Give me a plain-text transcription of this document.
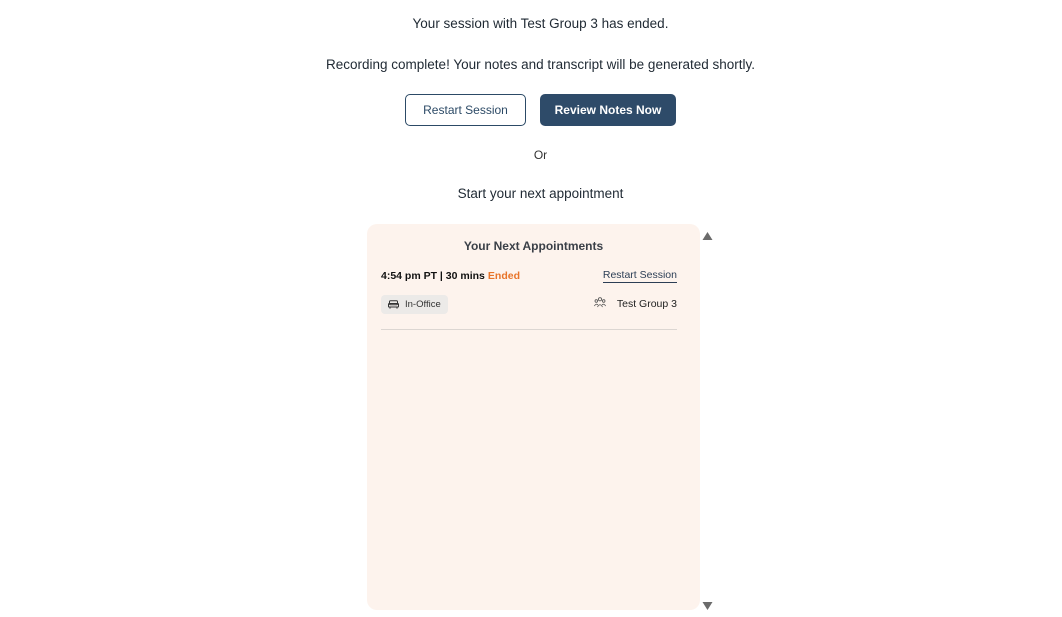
Your session with Test Group 3 has ended.
Recording complete! Your notes and transcript will be generated shortly.
Restart Session	Review Notes Now
Or
Start your next appointment
Your Next Appointments
4:54 pm PT | 30 mins Ended	Restart Session
In-Office	Test Group 3
